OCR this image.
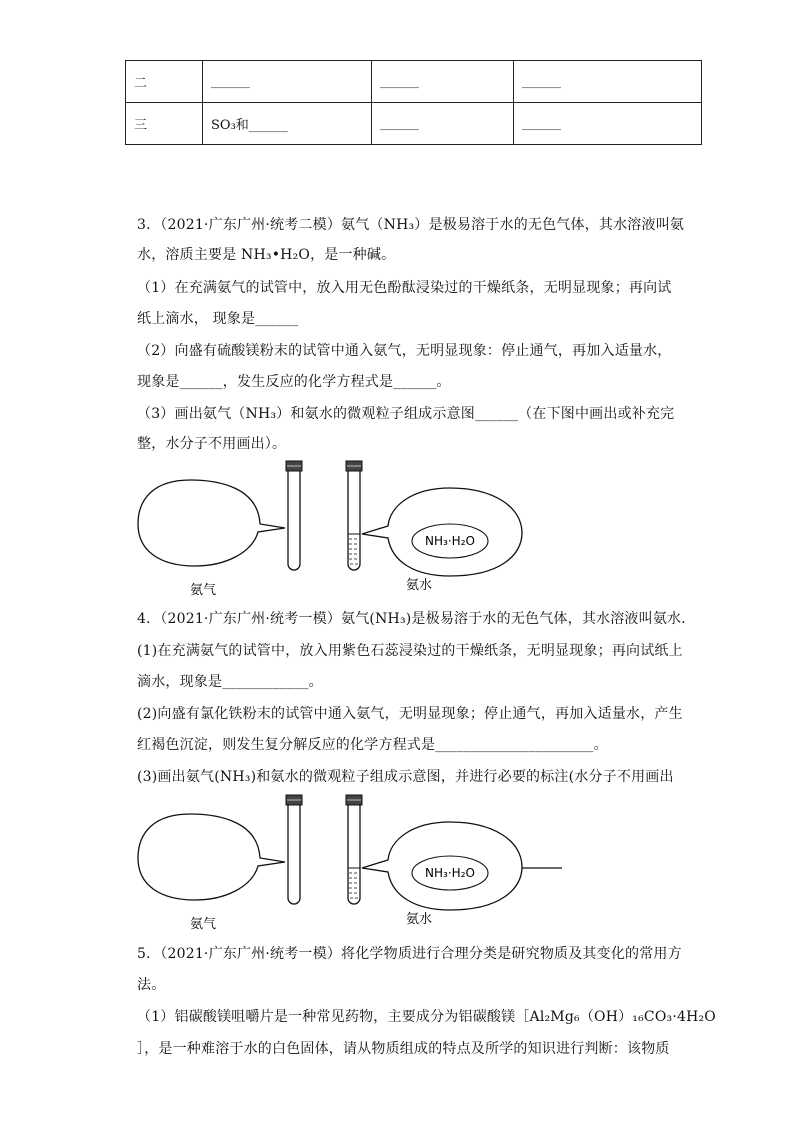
二	______	______	______
三	SO₃和______	______	______
3．（2021·广东广州·统考二模）氨气（NH₃）是极易溶于水的无色气体，其水溶液叫氨
水，溶质主要是 NH₃•H₂O，是一种碱。
（1）在充满氨气的试管中，放入用无色酚酞浸染过的干燥纸条，无明显现象；再向试
纸上滴水， 现象是______
（2）向盛有硫酸镁粉末的试管中通入氨气，无明显现象：停止通气，再加入适量水，
现象是______，发生反应的化学方程式是______。
（3）画出氨气（NH₃）和氨水的微观粒子组成示意图______（在下图中画出或补充完
整，水分子不用画出）。
NH₃·H₂O
氨气	氨水
4．（2021·广东广州·统考一模）氨气(NH₃)是极易溶于水的无色气体，其水溶液叫氨水．
(1)在充满氨气的试管中，放入用紫色石蕊浸染过的干燥纸条，无明显现象；再向试纸上
滴水，现象是____________。
(2)向盛有氯化铁粉末的试管中通入氨气，无明显现象；停止通气，再加入适量水，产生
红褐色沉淀，则发生复分解反应的化学方程式是______________________。
(3)画出氨气(NH₃)和氨水的微观粒子组成示意图，并进行必要的标注(水分子不用画出
NH₃·H₂O
氨气	氨水
5．（2021·广东广州·统考一模）将化学物质进行合理分类是研究物质及其变化的常用方
法。
（1）铝碳酸镁咀嚼片是一种常见药物，主要成分为铝碳酸镁［Al₂Mg₆（OH）₁₆CO₃·4H₂O
］，是一种难溶于水的白色固体，请从物质组成的特点及所学的知识进行判断：该物质
